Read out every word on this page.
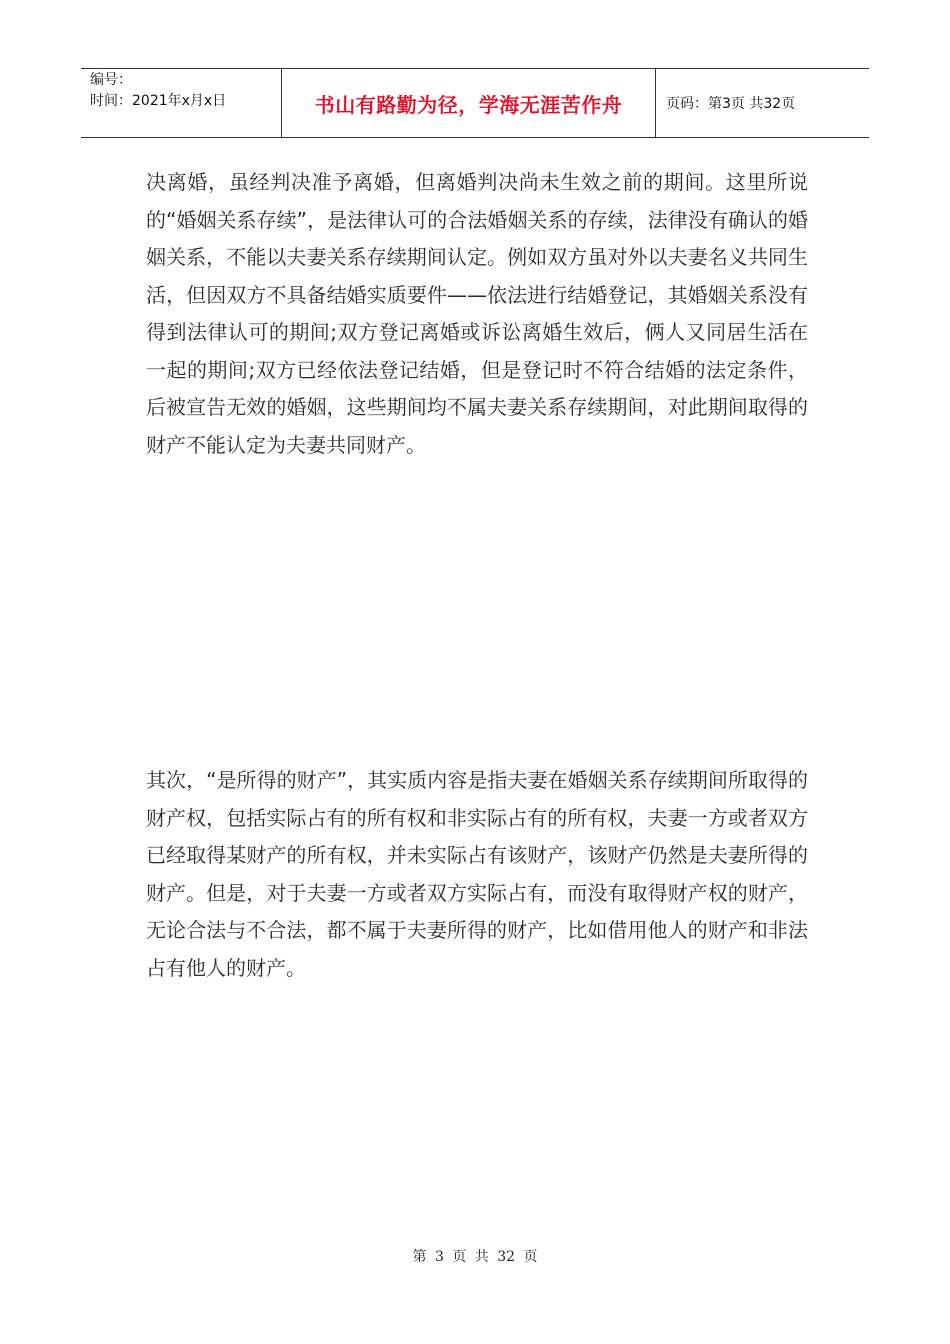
编号：
时间：2021年x月x日	书山有路勤为径，学海无涯苦作舟	页码：第3页 共32页

决离婚，虽经判决准予离婚，但离婚判决尚未生效之前的期间。这里所说的“婚姻关系存续”，是法律认可的合法婚姻关系的存续，法律没有确认的婚姻关系，不能以夫妻关系存续期间认定。例如双方虽对外以夫妻名义共同生活，但因双方不具备结婚实质要件——依法进行结婚登记，其婚姻关系没有得到法律认可的期间;双方登记离婚或诉讼离婚生效后，俩人又同居生活在一起的期间;双方已经依法登记结婚，但是登记时不符合结婚的法定条件，后被宣告无效的婚姻，这些期间均不属夫妻关系存续期间，对此期间取得的财产不能认定为夫妻共同财产。

其次，“是所得的财产”，其实质内容是指夫妻在婚姻关系存续期间所取得的财产权，包括实际占有的所有权和非实际占有的所有权，夫妻一方或者双方已经取得某财产的所有权，并未实际占有该财产，该财产仍然是夫妻所得的财产。但是，对于夫妻一方或者双方实际占有，而没有取得财产权的财产，无论合法与不合法，都不属于夫妻所得的财产，比如借用他人的财产和非法占有他人的财产。

第 3 页 共 32 页
